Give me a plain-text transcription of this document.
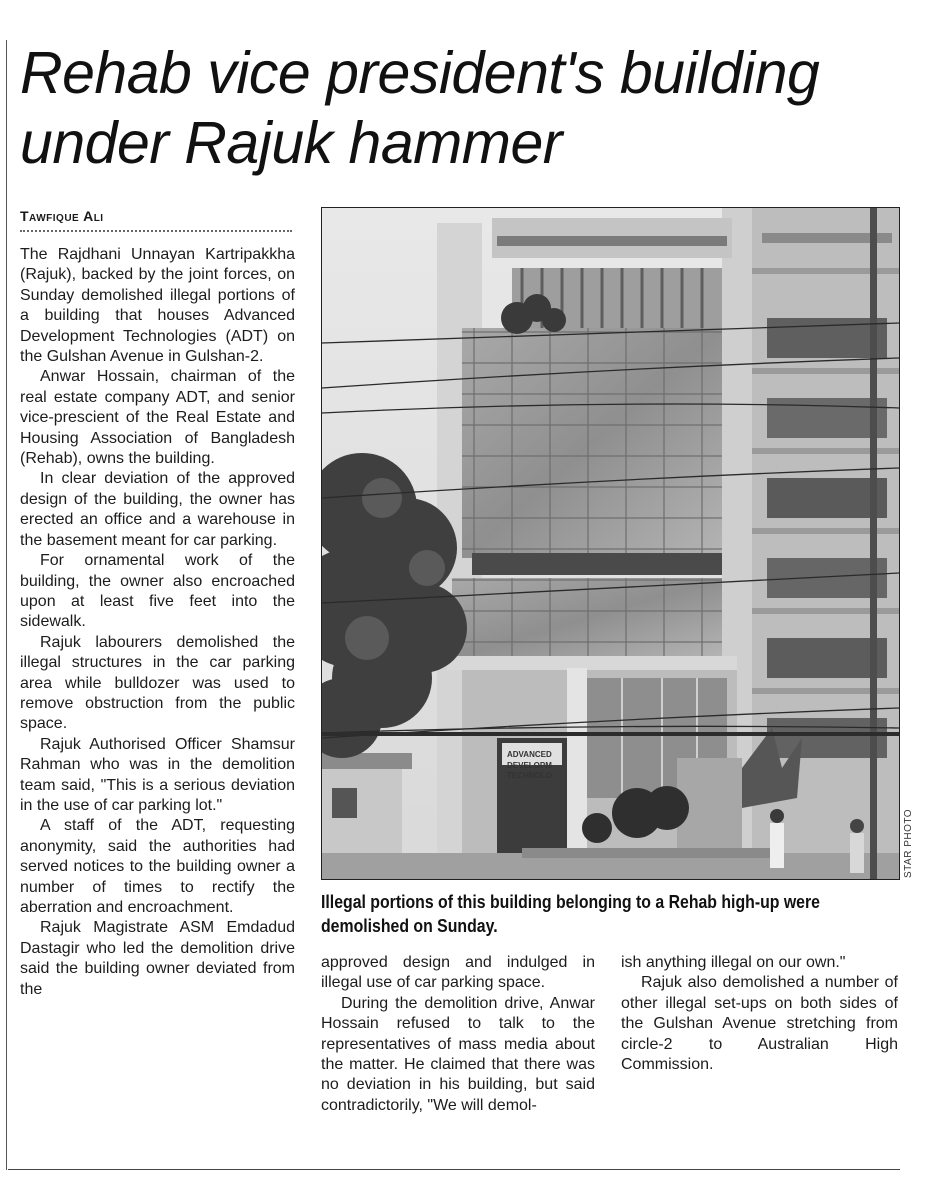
Rehab vice president's building
under Rajuk hammer
Tawfique Ali

The Rajdhani Unnayan Kartripakkha (Rajuk), backed by the joint forces, on Sunday demolished illegal portions of a building that houses Advanced Development Technologies (ADT) on the Gulshan Avenue in Gulshan-2.

Anwar Hossain, chairman of the real estate company ADT, and senior vice-prescient of the Real Estate and Housing Association of Bangladesh (Rehab), owns the building.

In clear deviation of the approved design of the building, the owner has erected an office and a warehouse in the basement meant for car parking.

For ornamental work of the building, the owner also encroached upon at least five feet into the sidewalk.

Rajuk labourers demolished the illegal structures in the car parking area while bulldozer was used to remove obstruction from the public space.

Rajuk Authorised Officer Shamsur Rahman who was in the demolition team said, "This is a serious deviation in the use of car parking lot."

A staff of the ADT, requesting anonymity, said the authorities had served notices to the building owner a number of times to rectify the aberration and encroachment.

Rajuk Magistrate ASM Emdadud Dastagir who led the demolition drive said the building owner deviated from the

ADVANCED
DEVELOPM
TECHNOLO
STAR PHOTO

Illegal portions of this building belonging to a Rehab high-up were demolished on Sunday.

approved design and indulged in illegal use of car parking space.

During the demolition drive, Anwar Hossain refused to talk to the representatives of mass media about the matter. He claimed that there was no deviation in his building, but said contradictorily, "We will demol-

ish anything illegal on our own."

Rajuk also demolished a number of other illegal set-ups on both sides of the Gulshan Avenue stretching from circle-2 to Australian High Commission.
